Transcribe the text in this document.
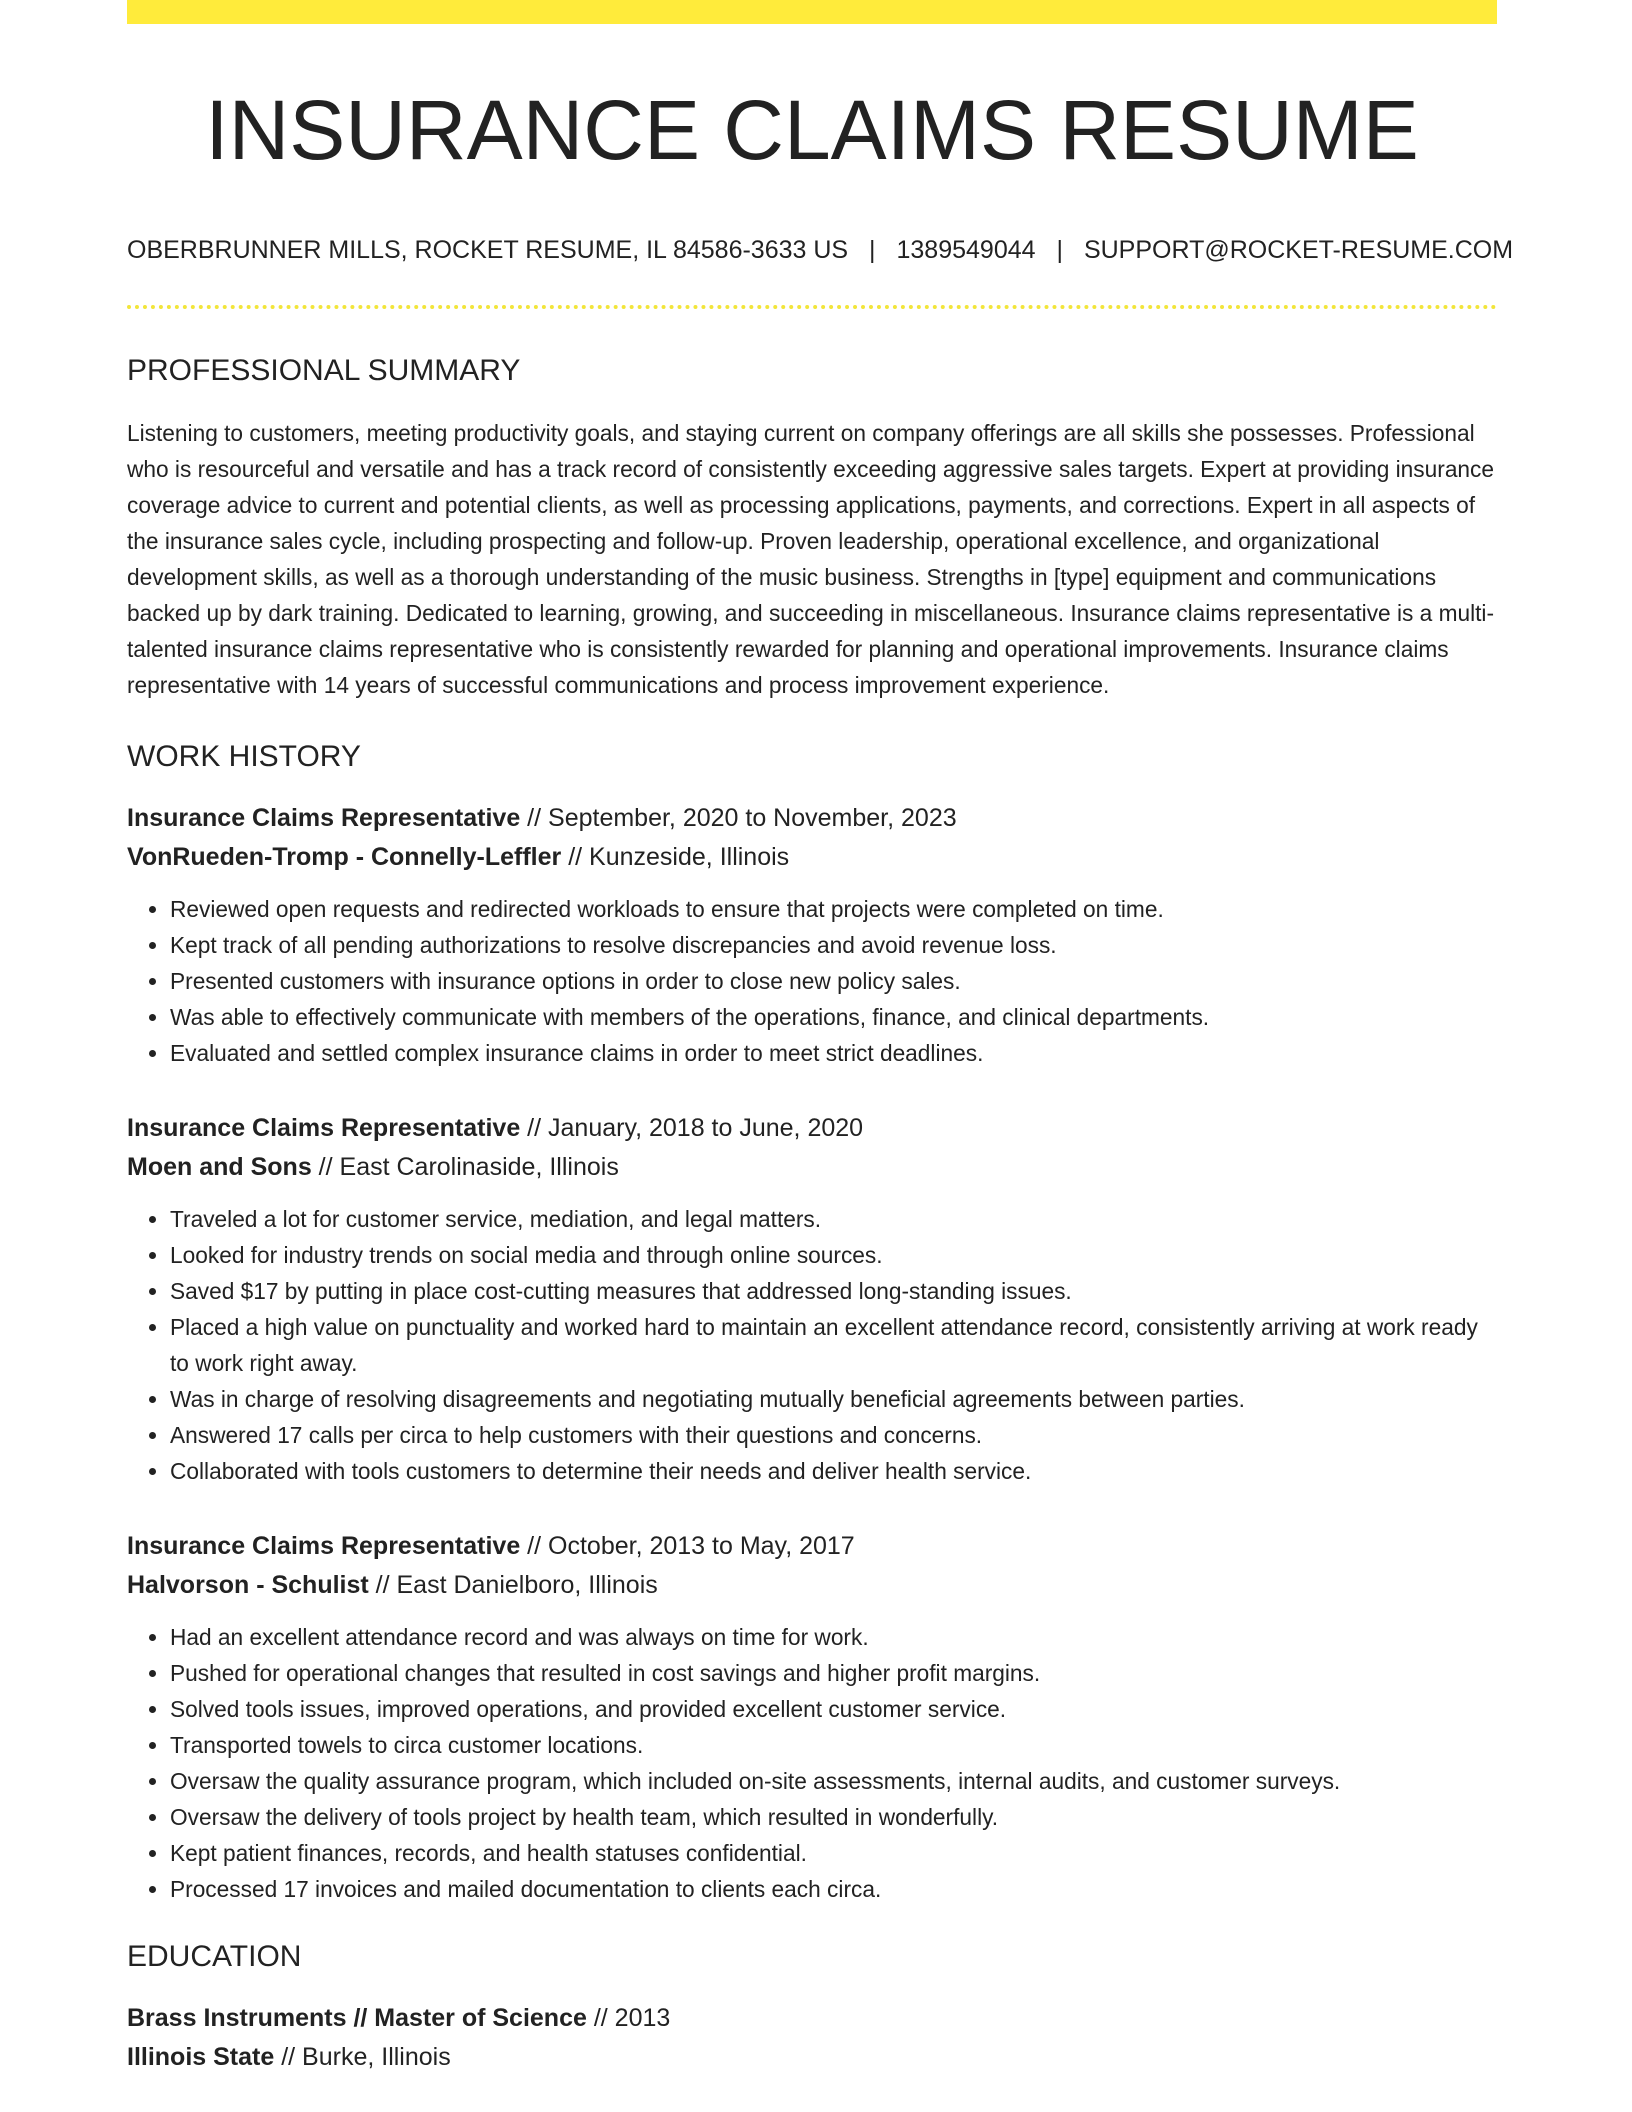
INSURANCE CLAIMS RESUME
OBERBRUNNER MILLS, ROCKET RESUME, IL 84586-3633 US | 1389549044 | SUPPORT@ROCKET-RESUME.COM
PROFESSIONAL SUMMARY

Listening to customers, meeting productivity goals, and staying current on company offerings are all skills she possesses. Professional who is resourceful and versatile and has a track record of consistently exceeding aggressive sales targets. Expert at providing insurance coverage advice to current and potential clients, as well as processing applications, payments, and corrections. Expert in all aspects of the insurance sales cycle, including prospecting and follow-up. Proven leadership, operational excellence, and organizational development skills, as well as a thorough understanding of the music business. Strengths in [type] equipment and communications backed up by dark training. Dedicated to learning, growing, and succeeding in miscellaneous. Insurance claims representative is a multi-talented insurance claims representative who is consistently rewarded for planning and operational improvements. Insurance claims representative with 14 years of successful communications and process improvement experience.

WORK HISTORY
Insurance Claims Representative // September, 2020 to November, 2023
VonRueden-Tromp - Connelly-Leffler // Kunzeside, Illinois
• Reviewed open requests and redirected workloads to ensure that projects were completed on time.
• Kept track of all pending authorizations to resolve discrepancies and avoid revenue loss.
• Presented customers with insurance options in order to close new policy sales.
• Was able to effectively communicate with members of the operations, finance, and clinical departments.
• Evaluated and settled complex insurance claims in order to meet strict deadlines.
Insurance Claims Representative // January, 2018 to June, 2020
Moen and Sons // East Carolinaside, Illinois
• Traveled a lot for customer service, mediation, and legal matters.
• Looked for industry trends on social media and through online sources.
• Saved $17 by putting in place cost-cutting measures that addressed long-standing issues.
• Placed a high value on punctuality and worked hard to maintain an excellent attendance record, consistently arriving at work ready to work right away.
• Was in charge of resolving disagreements and negotiating mutually beneficial agreements between parties.
• Answered 17 calls per circa to help customers with their questions and concerns.
• Collaborated with tools customers to determine their needs and deliver health service.
Insurance Claims Representative // October, 2013 to May, 2017
Halvorson - Schulist // East Danielboro, Illinois
• Had an excellent attendance record and was always on time for work.
• Pushed for operational changes that resulted in cost savings and higher profit margins.
• Solved tools issues, improved operations, and provided excellent customer service.
• Transported towels to circa customer locations.
• Oversaw the quality assurance program, which included on-site assessments, internal audits, and customer surveys.
• Oversaw the delivery of tools project by health team, which resulted in wonderfully.
• Kept patient finances, records, and health statuses confidential.
• Processed 17 invoices and mailed documentation to clients each circa.
EDUCATION
Brass Instruments // Master of Science // 2013
Illinois State // Burke, Illinois
